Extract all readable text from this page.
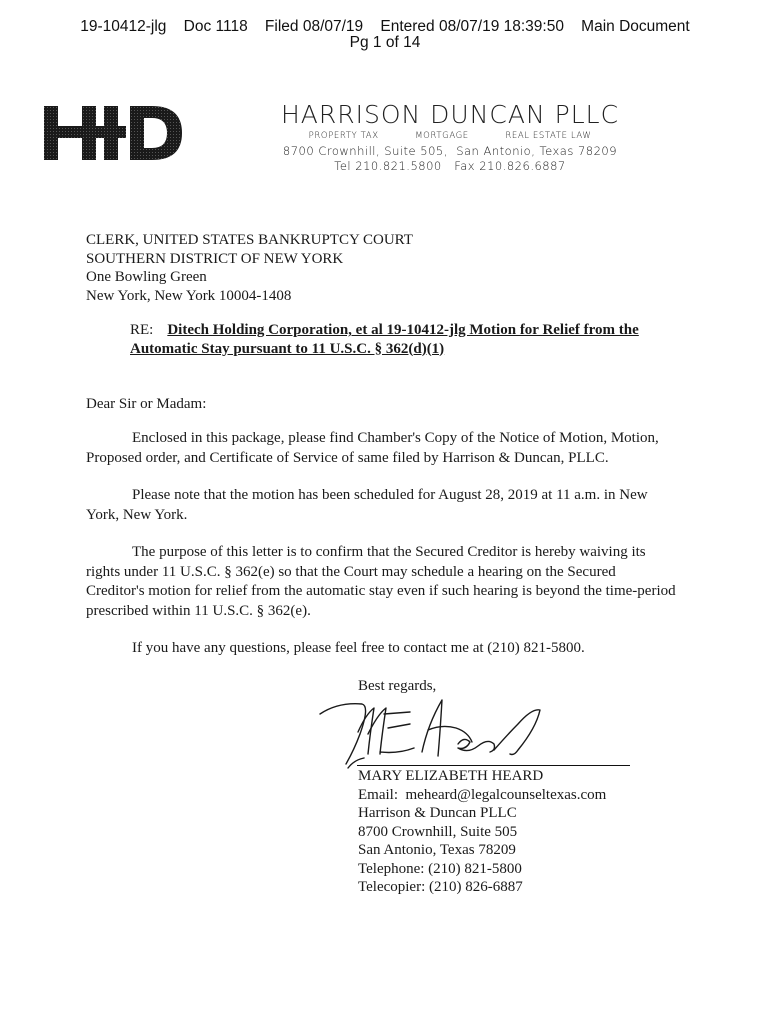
19-10412-jlg    Doc 1118    Filed 08/07/19    Entered 08/07/19 18:39:50    Main Document
Pg 1 of 14
HARRISON DUNCAN PLLC
PROPERTY TAX	MORTGAGE	REAL ESTATE LAW
8700 Crownhill, Suite 505,  San Antonio, Texas 78209
Tel 210.821.5800   Fax 210.826.6887
CLERK, UNITED STATES BANKRUPTCY COURT
SOUTHERN DISTRICT OF NEW YORK
One Bowling Green
New York, New York 10004-1408
RE: Ditech Holding Corporation, et al 19-10412-jlg Motion for Relief from the
Automatic Stay pursuant to 11 U.S.C. § 362(d)(1)
Dear Sir or Madam:

Enclosed in this package, please find Chamber's Copy of the Notice of Motion, Motion, Proposed order, and Certificate of Service of same filed by Harrison & Duncan, PLLC.

Please note that the motion has been scheduled for August 28, 2019 at 11 a.m. in New York, New York.

The purpose of this letter is to confirm that the Secured Creditor is hereby waiving its rights under 11 U.S.C. § 362(e) so that the Court may schedule a hearing on the Secured Creditor's motion for relief from the automatic stay even if such hearing is beyond the time-period prescribed within 11 U.S.C. § 362(e).

If you have any questions, please feel free to contact me at (210) 821-5800.

Best regards,
MARY ELIZABETH HEARD
Email:  meheard@legalcounseltexas.com
Harrison & Duncan PLLC
8700 Crownhill, Suite 505
San Antonio, Texas 78209
Telephone: (210) 821-5800
Telecopier: (210) 826-6887
